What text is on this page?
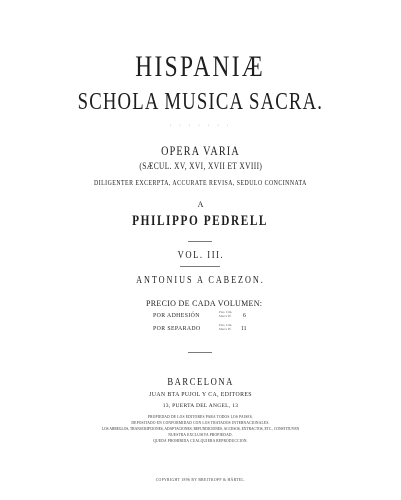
HISPANIÆ
SCHOLA MUSICA SACRA.
· · · · · · ·
OPERA VARIA
(SÆCUL. XV, XVI, XVII ET XVIII)
DILIGENTER EXCERPTA, ACCURATE REVISA, SEDULO CONCINNATA
A
PHILIPPO PEDRELL
VOL. III.
ANTONIUS A CABEZON.
PRECIO DE CADA VOLUMEN:
POR ADHESIÓN
Ptas. Ctm.
Marcs Pf. 6
POR SEPARADO
Ptas. Ctm.
Marcs Pf. 11
BARCELONA
JUAN BTA PUJOL Y CA, EDITORES
13, PUERTA DEL ANGEL, 13
PROPIEDAD DE LOS EDITORES PARA TODOS LOS PAISES.
DEPOSITADO EN CONFORMIDAD CON LOS TRATADOS INTERNACIONALES.
LOS ARREGLOS, TRANSCRIPCIONES, ADAPTACIONES, REFUNDICIONES, ACCESOS, EXTRACTOS, ETC., CONSTITUYEN
NUESTRA EXCLUSIVA PROPIEDAD.
QUEDA PROHIBIDA CUALQUIERA REPRODUCCION.
COPYRIGHT 1896 BY BREITKOPF & HÄRTEL.
